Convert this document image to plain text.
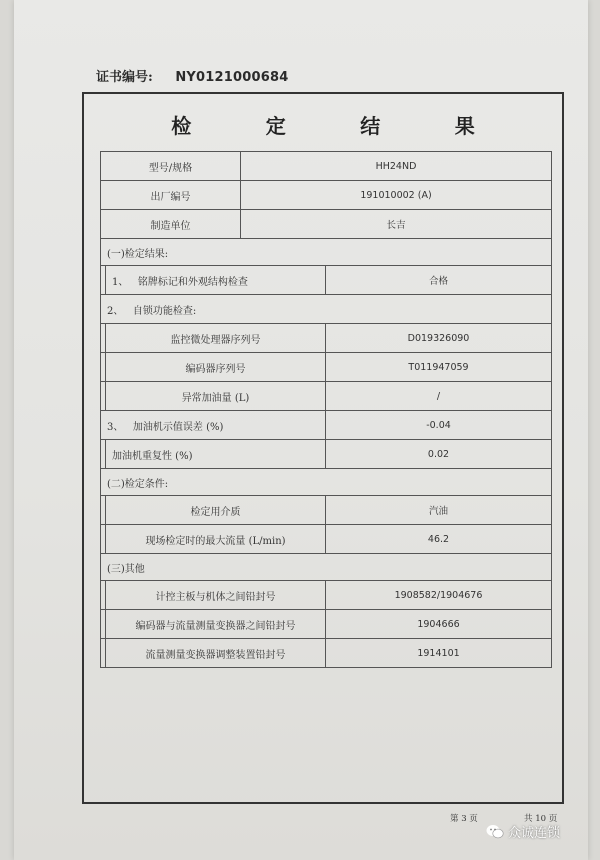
证书编号: NY0121000684
检	定	结	果
型号/规格		HH24ND	
出厂编号		191010002 (A)	
制造单位		长吉	
(一)检定结果:			
	1、 铭牌标记和外观结构检查		合格
2、 自锁功能检查:			
	监控微处理器序列号		D019326090
	编码器序列号		T011947059
	异常加油量 (L)		/
3、 加油机示值误差 (%)			-0.04
	加油机重复性 (%)		0.02
(二)检定条件:			
	检定用介质		汽油
	现场检定时的最大流量 (L/min)		46.2
(三)其他			
	计控主板与机体之间铅封号		1908582/1904676
	编码器与流量测量变换器之间铅封号		1904666
	流量测量变换器调整装置铅封号		1914101
第 3 页	共 10 页
众诚连锁
